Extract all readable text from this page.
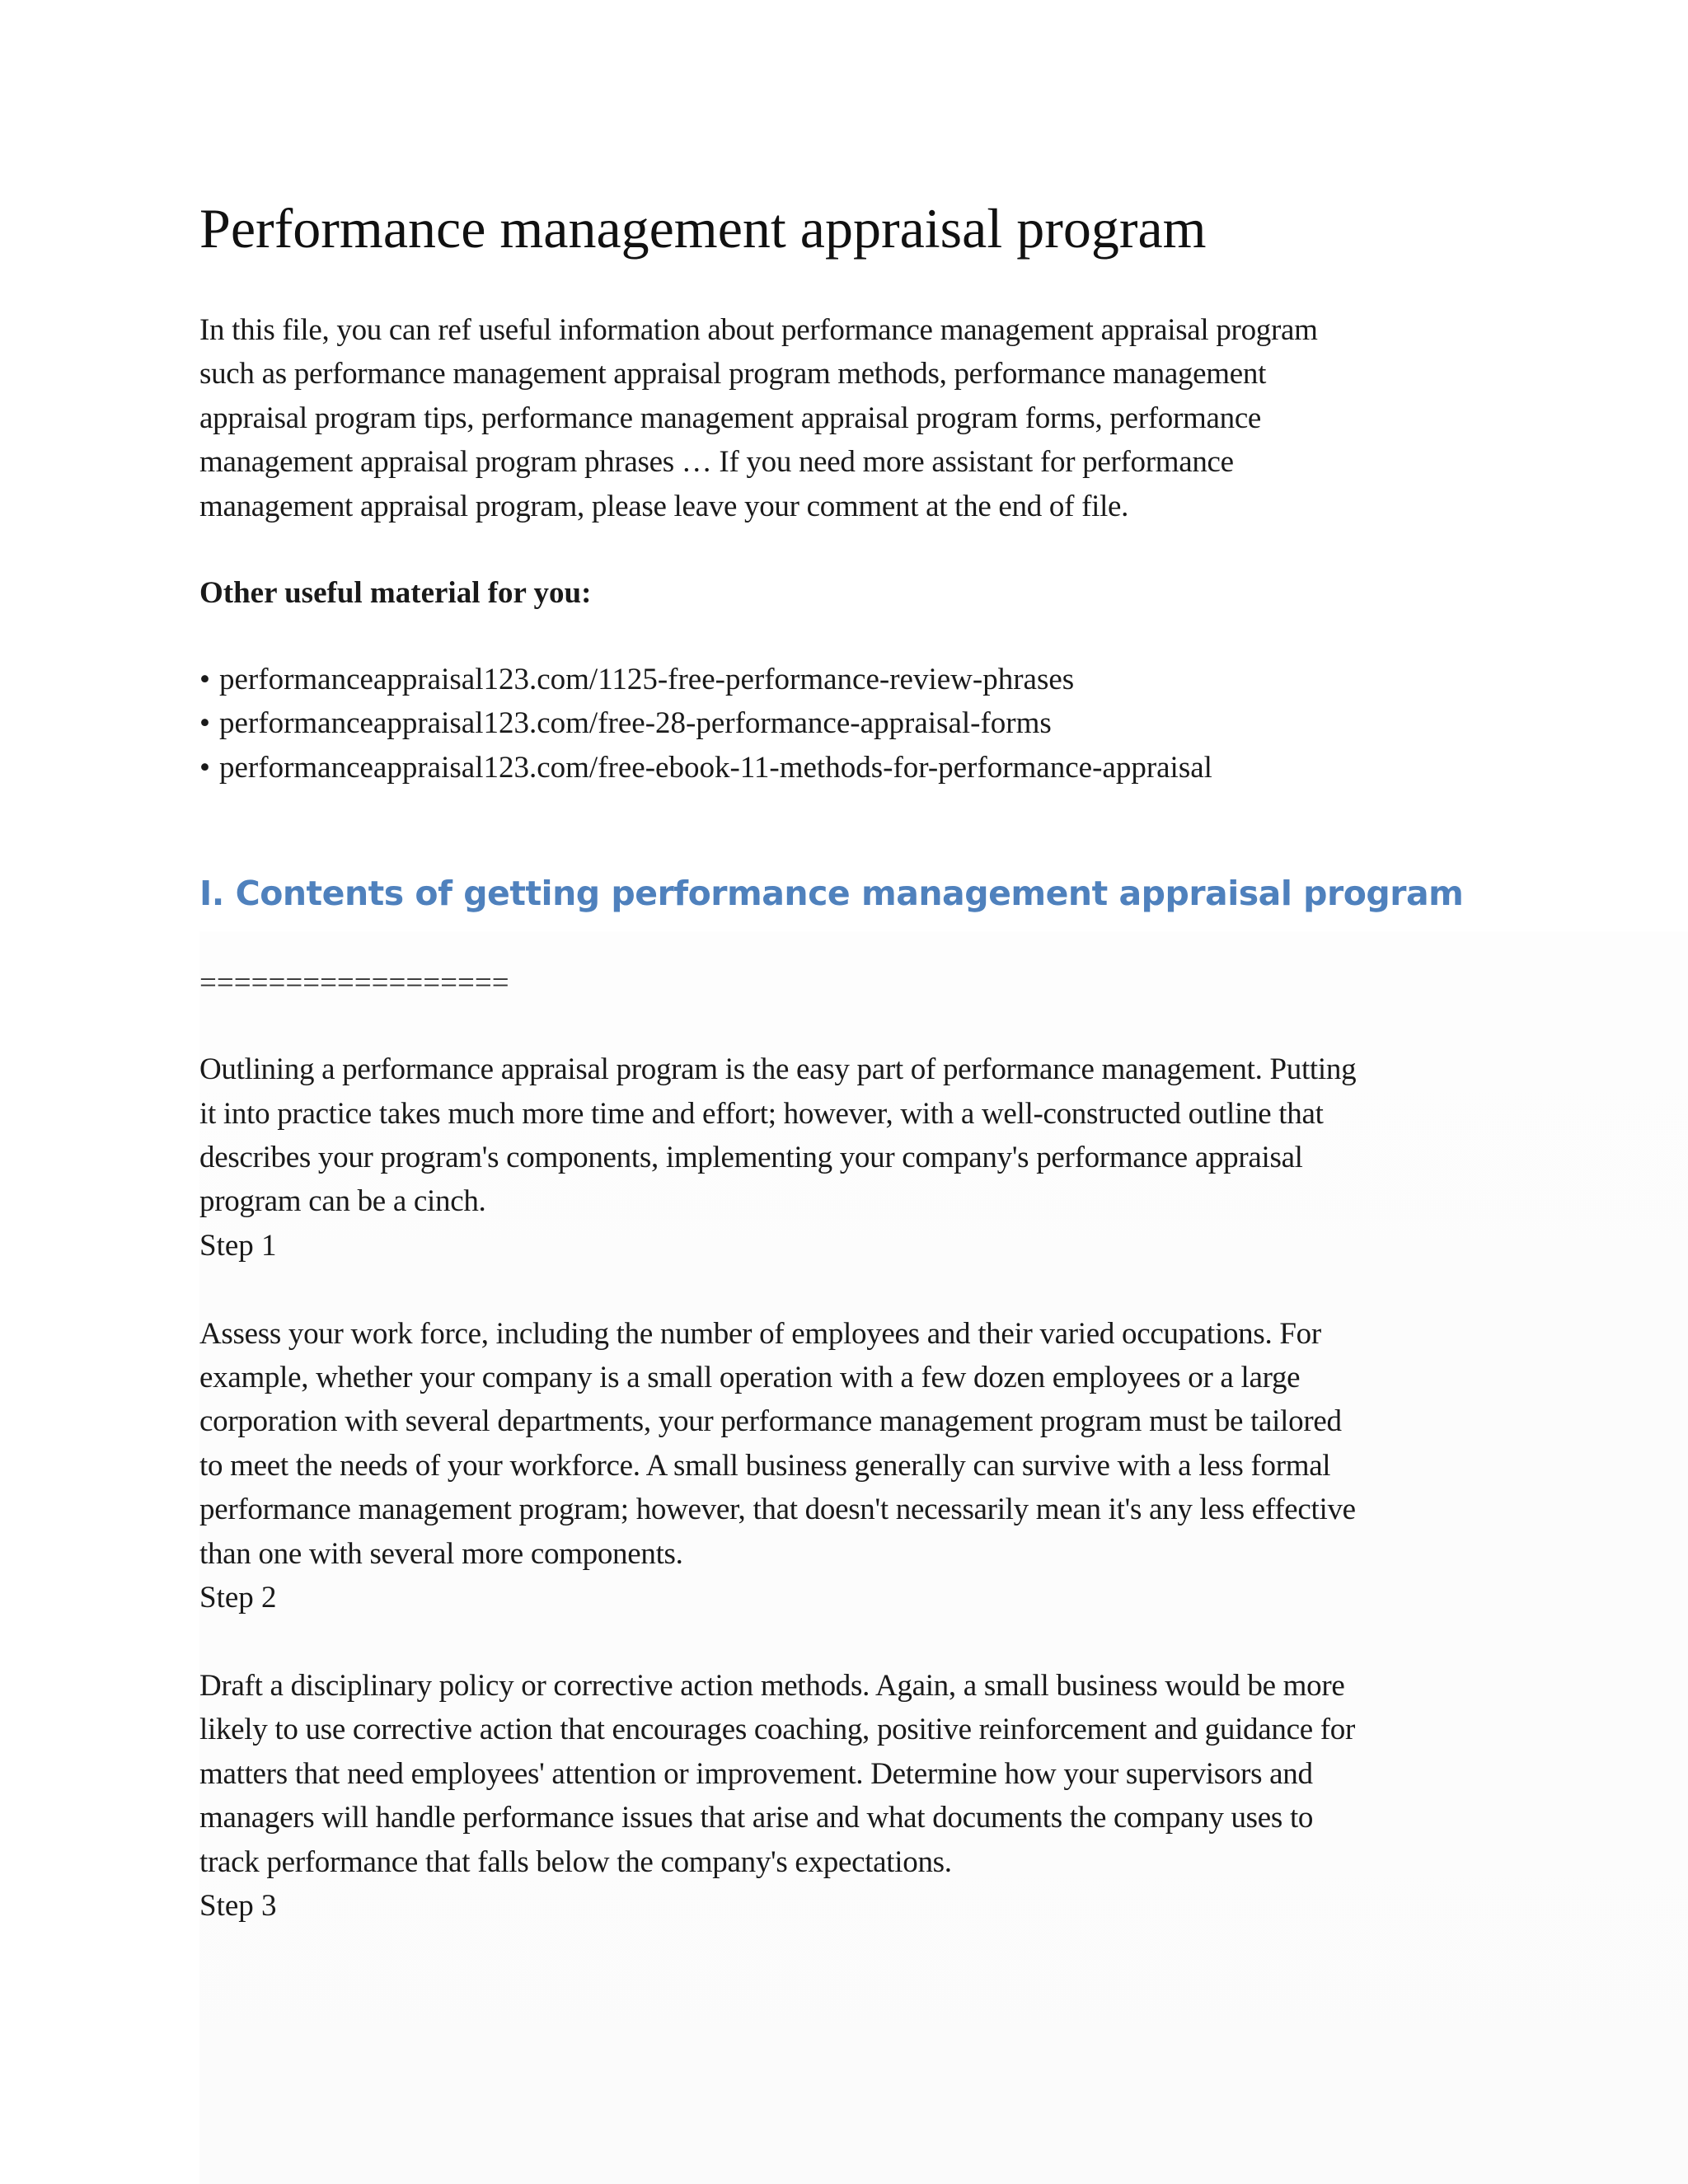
Performance management appraisal program

In this file, you can ref useful information about performance management appraisal program

such as performance management appraisal program methods, performance management

appraisal program tips, performance management appraisal program forms, performance

management appraisal program phrases … If you need more assistant for performance

management appraisal program, please leave your comment at the end of file.

Other useful material for you:

• performanceappraisal123.com/1125-free-performance-review-phrases
• performanceappraisal123.com/free-28-performance-appraisal-forms
• performanceappraisal123.com/free-ebook-11-methods-for-performance-appraisal
I. Contents of getting performance management appraisal program

==================

Outlining a performance appraisal program is the easy part of performance management. Putting

it into practice takes much more time and effort; however, with a well-constructed outline that

describes your program's components, implementing your company's performance appraisal

program can be a cinch.

Step 1

Assess your work force, including the number of employees and their varied occupations. For

example, whether your company is a small operation with a few dozen employees or a large

corporation with several departments, your performance management program must be tailored

to meet the needs of your workforce. A small business generally can survive with a less formal

performance management program; however, that doesn't necessarily mean it's any less effective

than one with several more components.

Step 2

Draft a disciplinary policy or corrective action methods. Again, a small business would be more

likely to use corrective action that encourages coaching, positive reinforcement and guidance for

matters that need employees' attention or improvement. Determine how your supervisors and

managers will handle performance issues that arise and what documents the company uses to

track performance that falls below the company's expectations.

Step 3
